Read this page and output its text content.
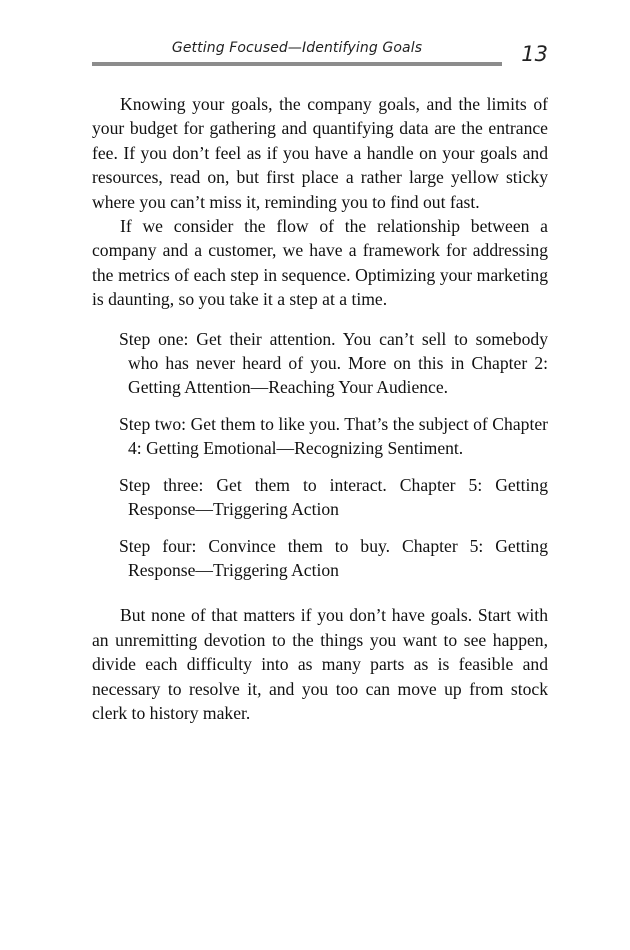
Getting Focused—Identifying Goals	13

Knowing your goals, the company goals, and the limits of your budget for gathering and quantifying data are the entrance fee. If you don’t feel as if you have a handle on your goals and resources, read on, but first place a rather large yellow sticky where you can’t miss it, reminding you to find out fast.

If we consider the flow of the relationship between a company and a customer, we have a framework for addressing the metrics of each step in sequence. Optimizing your marketing is daunting, so you take it a step at a time.

Step one: Get their attention. You can’t sell to somebody who has never heard of you. More on this in Chapter 2: Getting Attention—Reaching Your Audience.
Step two: Get them to like you. That’s the subject of Chapter 4: Getting Emotional—Recognizing Sentiment.
Step three: Get them to interact. Chapter 5: Getting Response—Triggering Action
Step four: Convince them to buy. Chapter 5: Getting Response—Triggering Action

But none of that matters if you don’t have goals. Start with an unremitting devotion to the things you want to see happen, divide each difficulty into as many parts as is feasible and necessary to resolve it, and you too can move up from stock clerk to history maker.
